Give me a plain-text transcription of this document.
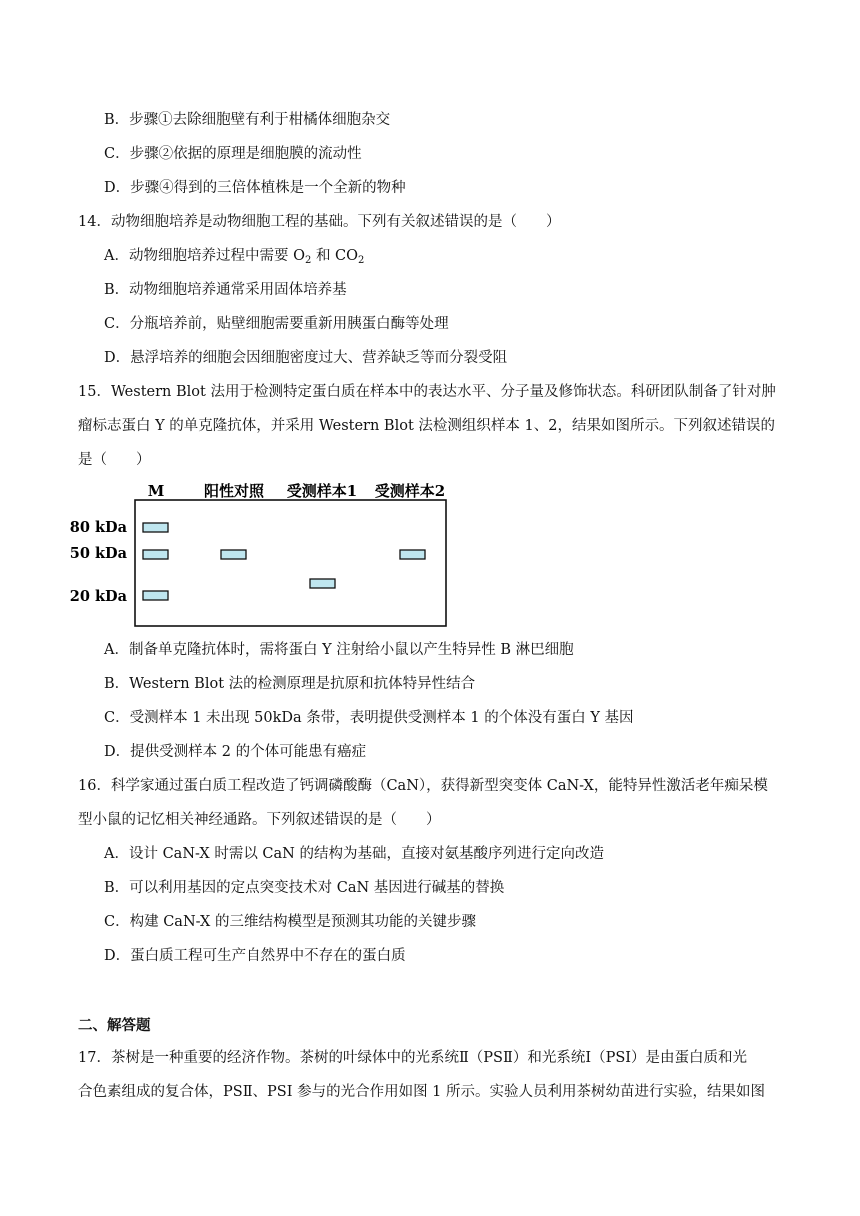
B．步骤①去除细胞壁有利于柑橘体细胞杂交
C．步骤②依据的原理是细胞膜的流动性
D．步骤④得到的三倍体植株是一个全新的物种
14．动物细胞培养是动物细胞工程的基础。下列有关叙述错误的是（　　）
A．动物细胞培养过程中需要 $O_2$ 和 $CO_2$
B．动物细胞培养通常采用固体培养基
C．分瓶培养前，贴壁细胞需要重新用胰蛋白酶等处理
D．悬浮培养的细胞会因细胞密度过大、营养缺乏等而分裂受阻
15．Western Blot 法用于检测特定蛋白质在样本中的表达水平、分子量及修饰状态。科研团队制备了针对肿
瘤标志蛋白 Y 的单克隆抗体，并采用 Western Blot 法检测组织样本 1、2，结果如图所示。下列叙述错误的
是（　　）
M	阳性对照 受测样本1 受测样本2
80 kDa
50 kDa
20 kDa
A．制备单克隆抗体时，需将蛋白 Y 注射给小鼠以产生特异性 B 淋巴细胞
B．Western Blot 法的检测原理是抗原和抗体特异性结合
C．受测样本 1 未出现 50kDa 条带，表明提供受测样本 1 的个体没有蛋白 Y 基因
D．提供受测样本 2 的个体可能患有癌症
16．科学家通过蛋白质工程改造了钙调磷酸酶（CaN），获得新型突变体 CaN-X，能特异性激活老年痴呆模
型小鼠的记忆相关神经通路。下列叙述错误的是（　　）
A．设计 CaN-X 时需以 CaN 的结构为基础，直接对氨基酸序列进行定向改造
B．可以利用基因的定点突变技术对 CaN 基因进行碱基的替换
C．构建 CaN-X 的三维结构模型是预测其功能的关键步骤
D．蛋白质工程可生产自然界中不存在的蛋白质
二、解答题
17．茶树是一种重要的经济作物。茶树的叶绿体中的光系统Ⅱ（PSⅡ）和光系统Ⅰ（PSI）是由蛋白质和光
合色素组成的复合体，PSⅡ、PSI 参与的光合作用如图 1 所示。实验人员利用茶树幼苗进行实验，结果如图
